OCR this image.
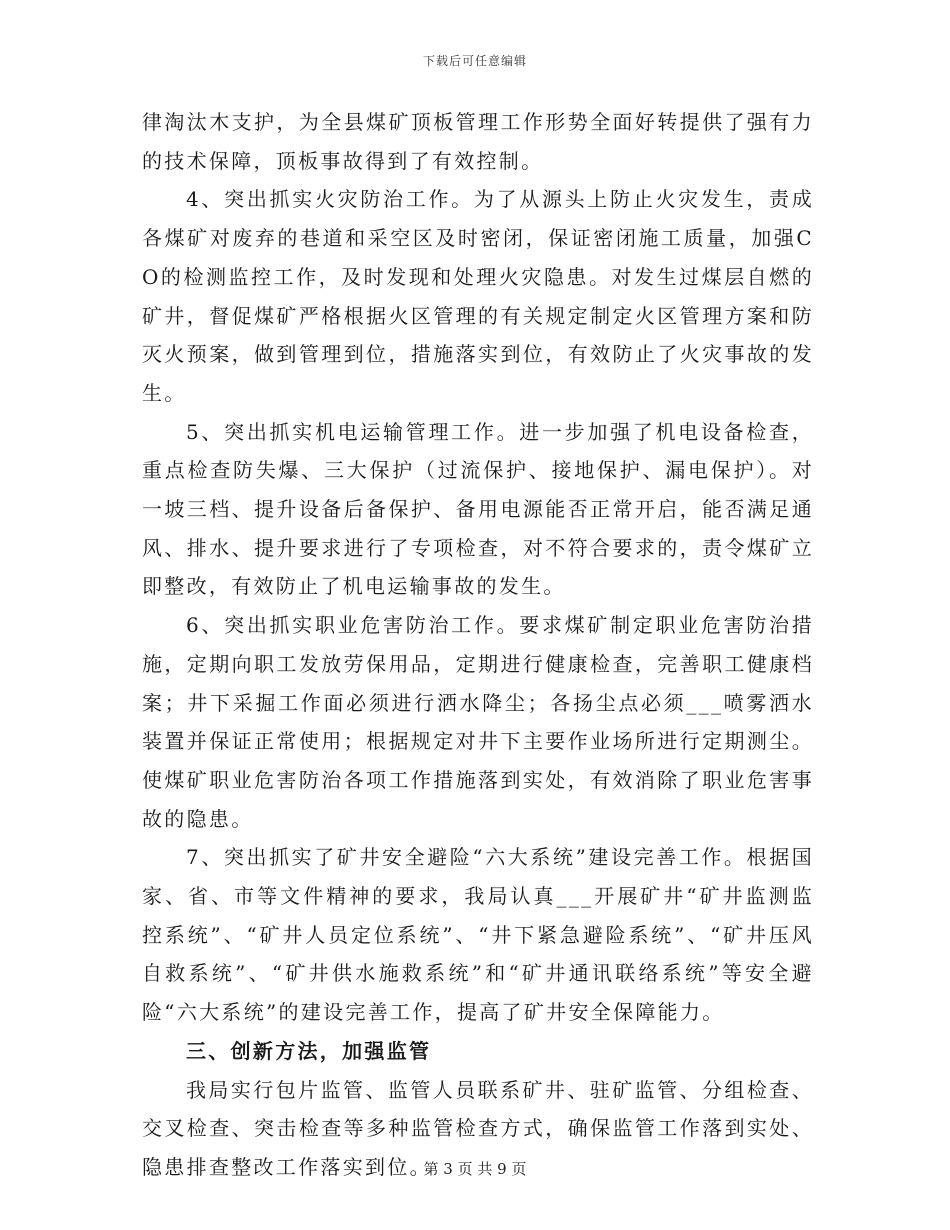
下载后可任意编辑

律淘汰木支护，为全县煤矿顶板管理工作形势全面好转提供了强有力的技术保障，顶板事故得到了有效控制。

4、突出抓实火灾防治工作。为了从源头上防止火灾发生，责成各煤矿对废弃的巷道和采空区及时密闭，保证密闭施工质量，加强CO的检测监控工作，及时发现和处理火灾隐患。对发生过煤层自燃的矿井，督促煤矿严格根据火区管理的有关规定制定火区管理方案和防灭火预案，做到管理到位，措施落实到位，有效防止了火灾事故的发生。

5、突出抓实机电运输管理工作。进一步加强了机电设备检查，重点检查防失爆、三大保护（过流保护、接地保护、漏电保护）。对一坡三档、提升设备后备保护、备用电源能否正常开启，能否满足通风、排水、提升要求进行了专项检查，对不符合要求的，责令煤矿立即整改，有效防止了机电运输事故的发生。

6、突出抓实职业危害防治工作。要求煤矿制定职业危害防治措施，定期向职工发放劳保用品，定期进行健康检查，完善职工健康档案；井下采掘工作面必须进行洒水降尘；各扬尘点必须___喷雾洒水装置并保证正常使用；根据规定对井下主要作业场所进行定期测尘。使煤矿职业危害防治各项工作措施落到实处，有效消除了职业危害事故的隐患。

7、突出抓实了矿井安全避险“六大系统”建设完善工作。根据国家、省、市等文件精神的要求，我局认真___开展矿井“矿井监测监控系统”、“矿井人员定位系统”、“井下紧急避险系统”、“矿井压风自救系统”、“矿井供水施救系统”和“矿井通讯联络系统”等安全避险“六大系统”的建设完善工作，提高了矿井安全保障能力。

三、创新方法，加强监管

我局实行包片监管、监管人员联系矿井、驻矿监管、分组检查、交叉检查、突击检查等多种监管检查方式，确保监管工作落到实处、隐患排查整改工作落实到位。

第 3 页 共 9 页
